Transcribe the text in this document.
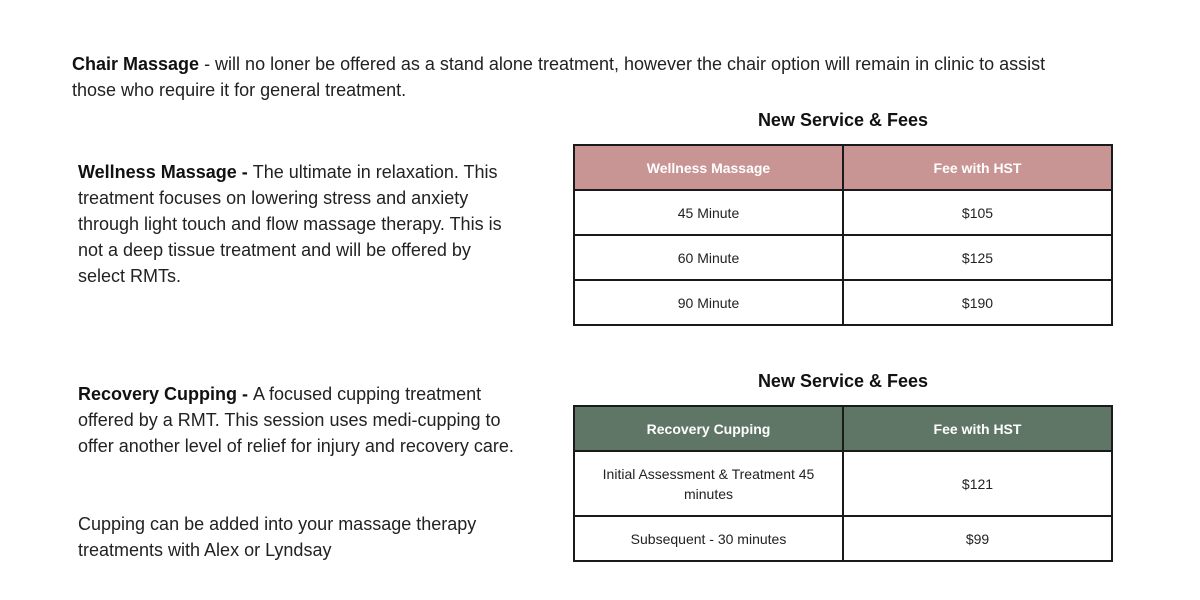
Chair Massage - will no loner be offered as a stand alone treatment, however the chair option will remain in clinic to assist those who require it for general treatment.
Wellness Massage - The ultimate in relaxation. This treatment focuses on lowering stress and anxiety through light touch and flow massage therapy. This is not a deep tissue treatment and will be offered by select RMTs.
Recovery Cupping - A focused cupping treatment offered by a RMT. This session uses medi-cupping to offer another level of relief for injury and recovery care.
Cupping can be added into your massage therapy treatments with Alex or Lyndsay
New Service & Fees
Wellness Massage	Fee with HST
45 Minute	$105
60 Minute	$125
90 Minute	$190
New Service & Fees
Recovery Cupping	Fee with HST
Initial Assessment & Treatment 45 minutes	$121
Subsequent - 30 minutes	$99
